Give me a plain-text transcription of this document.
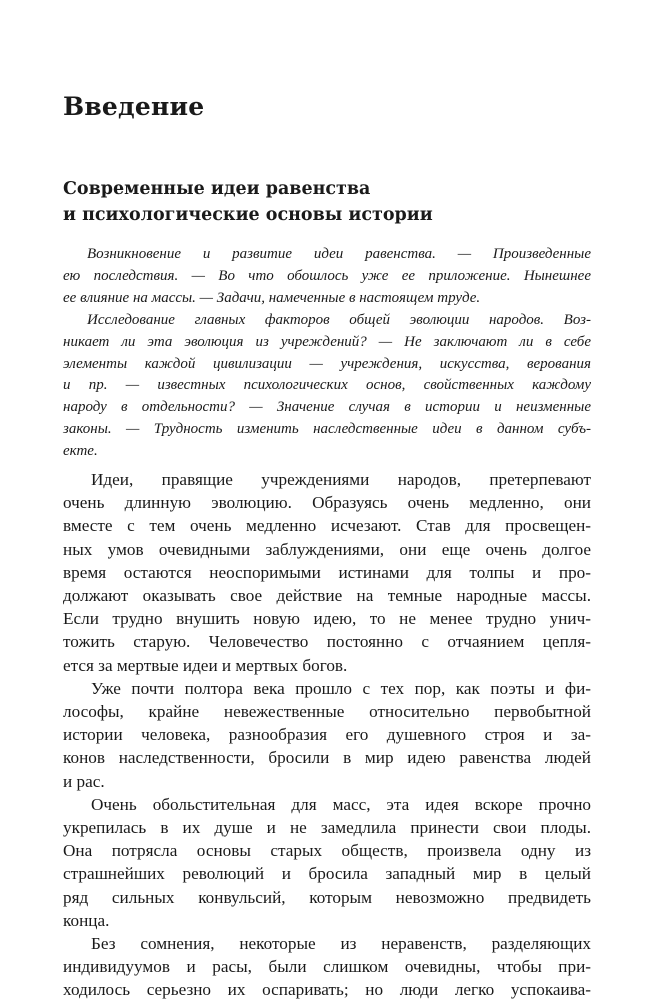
Введение
Современные идеи равенства
и психологические основы истории
Возникновение и развитие идеи равенства. — Произведенные
ею последствия. — Во что обошлось уже ее приложение. Нынешнее
ее влияние на массы. — Задачи, намеченные в настоящем труде.
Исследование главных факторов общей эволюции народов. Воз-
никает ли эта эволюция из учреждений? — Не заключают ли в себе
элементы каждой цивилизации — учреждения, искусства, верования
и пр. — известных психологических основ, свойственных каждому
народу в отдельности? — Значение случая в истории и неизменные
законы. — Трудность изменить наследственные идеи в данном субъ-
екте.
Идеи, правящие учреждениями народов, претерпевают
очень длинную эволюцию. Образуясь очень медленно, они
вместе с тем очень медленно исчезают. Став для просвещен-
ных умов очевидными заблуждениями, они еще очень долгое
время остаются неоспоримыми истинами для толпы и про-
должают оказывать свое действие на темные народные массы.
Если трудно внушить новую идею, то не менее трудно унич-
тожить старую. Человечество постоянно с отчаянием цепля-
ется за мертвые идеи и мертвых богов.
Уже почти полтора века прошло с тех пор, как поэты и фи-
лософы, крайне невежественные относительно первобытной
истории человека, разнообразия его душевного строя и за-
конов наследственности, бросили в мир идею равенства людей
и рас.
Очень обольстительная для масс, эта идея вскоре прочно
укрепилась в их душе и не замедлила принести свои плоды.
Она потрясла основы старых обществ, произвела одну из
страшнейших революций и бросила западный мир в целый
ряд сильных конвульсий, которым невозможно предвидеть
конца.
Без сомнения, некоторые из неравенств, разделяющих
индивидуумов и расы, были слишком очевидны, чтобы при-
ходилось серьезно их оспаривать; но люди легко успокаива-
